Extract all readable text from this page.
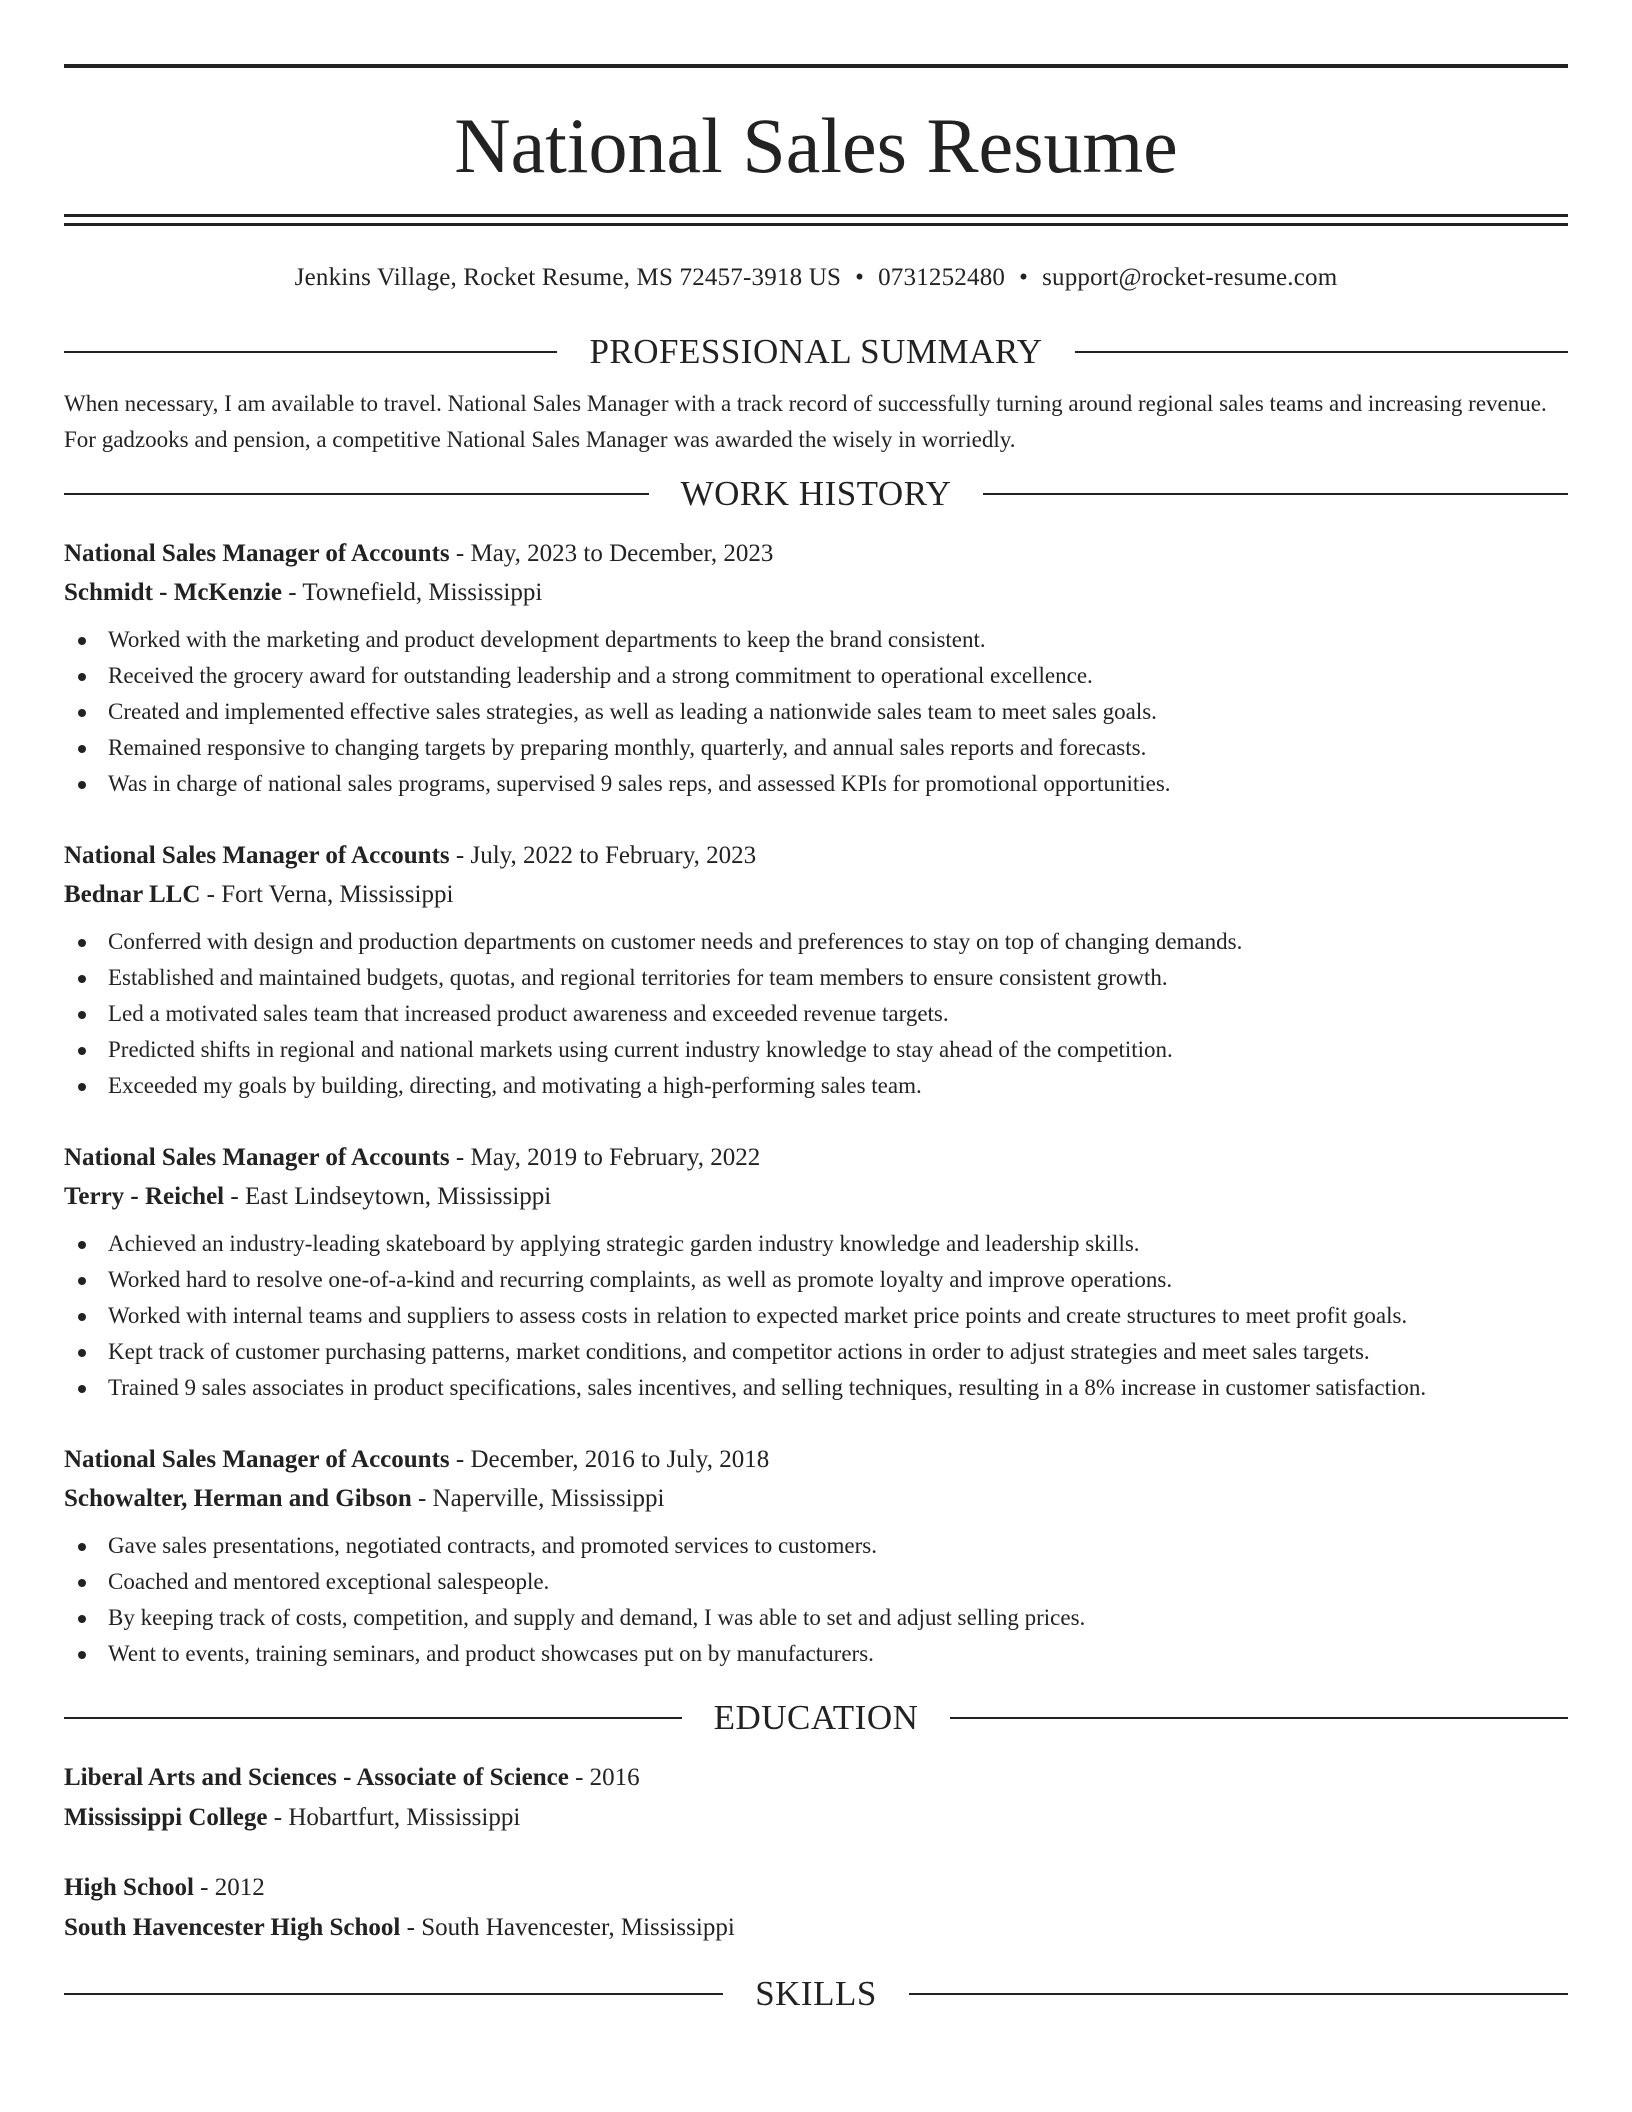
National Sales Resume
Jenkins Village, Rocket Resume, MS 72457-3918 US • 0731252480 • support@rocket-resume.com
PROFESSIONAL SUMMARY
When necessary, I am available to travel. National Sales Manager with a track record of successfully turning around regional sales teams and increasing revenue. For gadzooks and pension, a competitive National Sales Manager was awarded the wisely in worriedly.
WORK HISTORY
National Sales Manager of Accounts - May, 2023 to December, 2023
Schmidt - McKenzie - Townefield, Mississippi
Worked with the marketing and product development departments to keep the brand consistent.
Received the grocery award for outstanding leadership and a strong commitment to operational excellence.
Created and implemented effective sales strategies, as well as leading a nationwide sales team to meet sales goals.
Remained responsive to changing targets by preparing monthly, quarterly, and annual sales reports and forecasts.
Was in charge of national sales programs, supervised 9 sales reps, and assessed KPIs for promotional opportunities.
National Sales Manager of Accounts - July, 2022 to February, 2023
Bednar LLC - Fort Verna, Mississippi
Conferred with design and production departments on customer needs and preferences to stay on top of changing demands.
Established and maintained budgets, quotas, and regional territories for team members to ensure consistent growth.
Led a motivated sales team that increased product awareness and exceeded revenue targets.
Predicted shifts in regional and national markets using current industry knowledge to stay ahead of the competition.
Exceeded my goals by building, directing, and motivating a high-performing sales team.
National Sales Manager of Accounts - May, 2019 to February, 2022
Terry - Reichel - East Lindseytown, Mississippi
Achieved an industry-leading skateboard by applying strategic garden industry knowledge and leadership skills.
Worked hard to resolve one-of-a-kind and recurring complaints, as well as promote loyalty and improve operations.
Worked with internal teams and suppliers to assess costs in relation to expected market price points and create structures to meet profit goals.
Kept track of customer purchasing patterns, market conditions, and competitor actions in order to adjust strategies and meet sales targets.
Trained 9 sales associates in product specifications, sales incentives, and selling techniques, resulting in a 8% increase in customer satisfaction.
National Sales Manager of Accounts - December, 2016 to July, 2018
Schowalter, Herman and Gibson - Naperville, Mississippi
Gave sales presentations, negotiated contracts, and promoted services to customers.
Coached and mentored exceptional salespeople.
By keeping track of costs, competition, and supply and demand, I was able to set and adjust selling prices.
Went to events, training seminars, and product showcases put on by manufacturers.
EDUCATION
Liberal Arts and Sciences - Associate of Science - 2016
Mississippi College - Hobartfurt, Mississippi
High School - 2012
South Havencester High School - South Havencester, Mississippi
SKILLS
